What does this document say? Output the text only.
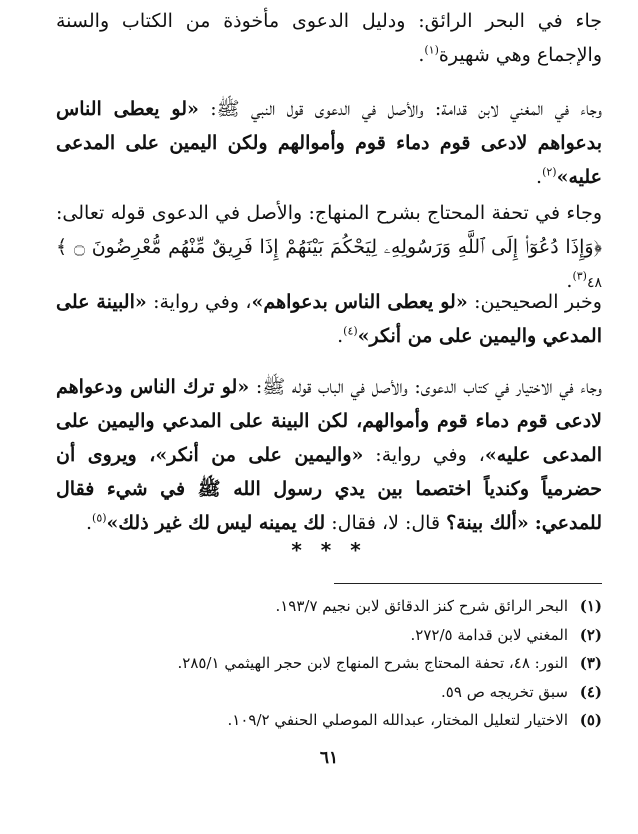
جاء في البحر الرائق: ودليل الدعوى مأخوذة من الكتاب والسنة والإجماع وهي شهيرة$^{(١)}$.
وجاء في المغني لابن قدامة: والأصل في الدعوى قول النبي ﷺ: «لو يعطى الناس بدعواهم لادعى قوم دماء قوم وأموالهم ولكن اليمين على المدعى عليه»$^{(٢)}$.
وجاء في تحفة المحتاج بشرح المنهاج: والأصل في الدعوى قوله تعالى: ﴿وَإِذَا دُعُوٓا۟ إِلَى ٱللَّهِ وَرَسُولِهِۦ لِيَحْكُمَ بَيْنَهُمْ إِذَا فَرِيقٌ مِّنْهُم مُّعْرِضُونَ ۝ ﴾٤٨$^{(٣)}$.
وخبر الصحيحين: «لو يعطى الناس بدعواهم»، وفي رواية: «البينة على المدعي واليمين على من أنكر»$^{(٤)}$.
وجاء في الاختيار في كتاب الدعوى: والأصل في الباب قوله ﷺ: «لو ترك الناس ودعواهم لادعى قوم دماء قوم وأموالهم، لكن البينة على المدعي واليمين على المدعى عليه»، وفي رواية: «واليمين على من أنكر»، ويروى أن حضرمياً وكندياً اختصما بين يدي رسول الله ﷺ في شيء فقال للمدعي: «ألك بينة؟ قال: لا، فقال: لك يمينه ليس لك غير ذلك»$^{(٥)}$.
* * *
(١)البحر الرائق شرح كنز الدقائق لابن نجيم ١٩٣/٧.
(٢)المغني لابن قدامة ٢٧٢/٥.
(٣)النور: ٤٨، تحفة المحتاج بشرح المنهاج لابن حجر الهيثمي ٢٨٥/١.
(٤)سبق تخريجه ص ٥٩.
(٥)الاختيار لتعليل المختار، عبدالله الموصلي الحنفي ١٠٩/٢.
٦١
